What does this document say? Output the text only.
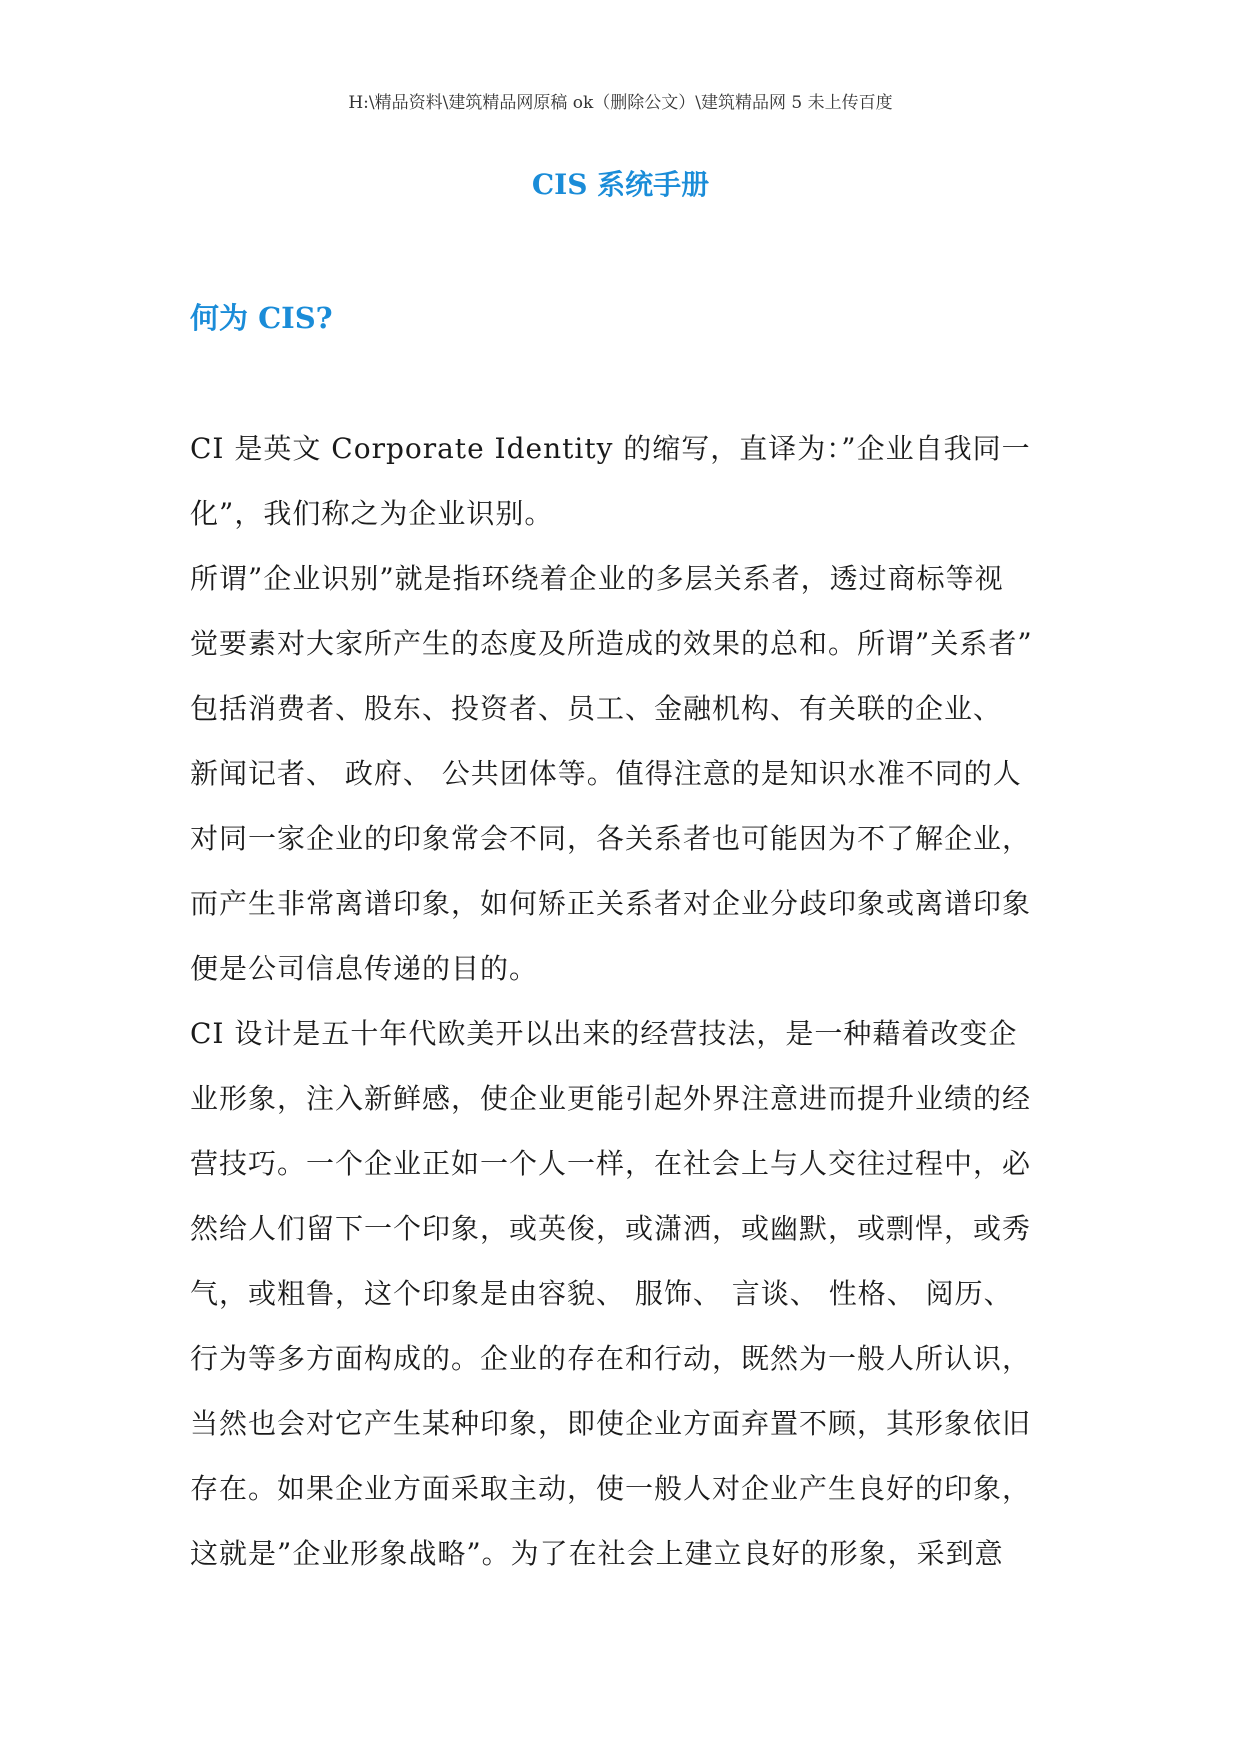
H:\精品资料\建筑精品网原稿 ok（删除公文）\建筑精品网 5 未上传百度
CIS 系统手册
何为 CIS?
CI 是英文 Corporate Identity 的缩写，直译为：”企业自我同一
化”，我们称之为企业识别。
所谓”企业识别”就是指环绕着企业的多层关系者，透过商标等视
觉要素对大家所产生的态度及所造成的效果的总和。所谓”关系者”
包括消费者、股东、投资者、员工、金融机构、有关联的企业、
新闻记者、 政府、 公共团体等。值得注意的是知识水准不同的人
对同一家企业的印象常会不同，各关系者也可能因为不了解企业，
而产生非常离谱印象，如何矫正关系者对企业分歧印象或离谱印象
便是公司信息传递的目的。
CI 设计是五十年代欧美开以出来的经营技法，是一种藉着改变企
业形象，注入新鲜感，使企业更能引起外界注意进而提升业绩的经
营技巧。一个企业正如一个人一样，在社会上与人交往过程中，必
然给人们留下一个印象，或英俊，或潇洒，或幽默，或剽悍，或秀
气，或粗鲁，这个印象是由容貌、 服饰、 言谈、 性格、 阅历、
行为等多方面构成的。企业的存在和行动，既然为一般人所认识，
当然也会对它产生某种印象，即使企业方面弃置不顾，其形象依旧
存在。如果企业方面采取主动，使一般人对企业产生良好的印象，
这就是”企业形象战略”。为了在社会上建立良好的形象，采到意
